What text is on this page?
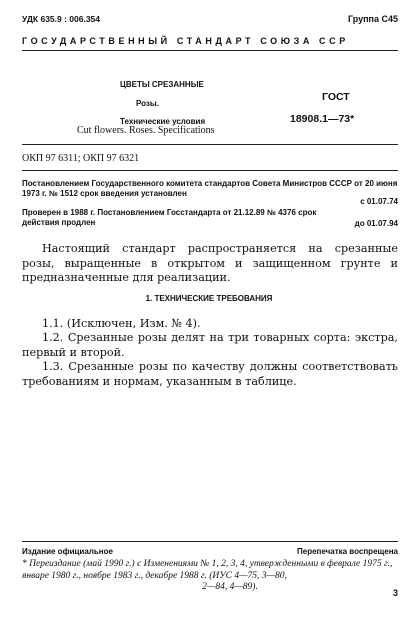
УДК 635.9 : 006.354	Группа С45
ГОСУДАРСТВЕННЫЙ СТАНДАРТ СОЮЗА ССР
ЦВЕТЫ СРЕЗАННЫЕ
Розы.
Технические условия
Cut flowers. Roses. Specifications
ГОСТ
18908.1—73*
ОКП 97 6311; ОКП 97 6321
Постановлением Государственного комитета стандартов Совета Министров СССР от 20 июня 1973 г. № 1512 срок введения установлен
с 01.07.74
Проверен в 1988 г. Постановлением Госстандарта от 21.12.89 № 4376 срок действия продлен	до 01.07.94
Настоящий стандарт распространяется на срезанные розы, выращенные в открытом и защищенном грунте и предназначенные для реализации.
1. ТЕХНИЧЕСКИЕ ТРЕБОВАНИЯ
1.1. (Исключен, Изм. № 4).
1.2. Срезанные розы делят на три товарных сорта: экстра, первый и второй.
1.3. Срезанные розы по качеству должны соответствовать требованиям и нормам, указанным в таблице.
Издание официальное	Перепечатка воспрещена
* Переиздание (май 1990 г.) с Изменениями № 1, 2, 3, 4, утвержденными в феврале 1975 г., январе 1980 г., ноябре 1983 г., декабре 1988 г. (ИУС 4—75, 3—80,
2—84, 4—89).
3
